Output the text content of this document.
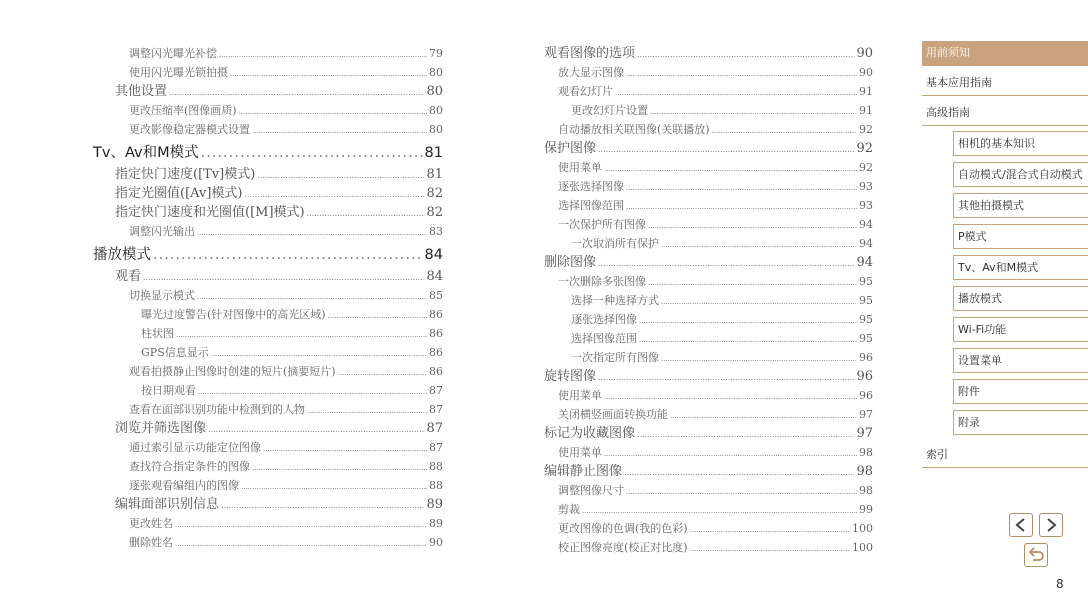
调整闪光曝光补偿 .....	79
使用闪光曝光锁拍摄 .....	80
其他设置 .....	80
更改压缩率(图像画质) .....	80
更改影像稳定器模式设置 .....	80
Tv、Av和M模式 .....	81
指定快门速度([Tv]模式) .....	81
指定光圈值([Av]模式) .....	82
指定快门速度和光圈值([M]模式) .....	82
调整闪光输出 .....	83
播放模式 .....	84
观看 .....	84
切换显示模式 .....	85
曝光过度警告(针对图像中的高光区域) .....	86
柱状图 .....	86
GPS信息显示 .....	86
观看拍摄静止图像时创建的短片(摘要短片) .....	86
按日期观看 .....	87
查看在面部识别功能中检测到的人物 .....	87
浏览并筛选图像 .....	87
通过索引显示功能定位图像 .....	87
查找符合指定条件的图像 .....	88
逐张观看编组内的图像 .....	88
编辑面部识别信息 .....	89
更改姓名 .....	89
删除姓名 .....	90
观看图像的选项 .....	90
放大显示图像 .....	90
观看幻灯片 .....	91
更改幻灯片设置 .....	91
自动播放相关联图像(关联播放) .....	92
保护图像 .....	92
使用菜单 .....	92
逐张选择图像 .....	93
选择图像范围 .....	93
一次保护所有图像 .....	94
一次取消所有保护 .....	94
删除图像 .....	94
一次删除多张图像 .....	95
选择一种选择方式 .....	95
逐张选择图像 .....	95
选择图像范围 .....	95
一次指定所有图像 .....	96
旋转图像 .....	96
使用菜单 .....	96
关闭横竖画面转换功能 .....	97
标记为收藏图像 .....	97
使用菜单 .....	98
编辑静止图像 .....	98
调整图像尺寸 .....	98
剪裁 .....	99
更改图像的色调(我的色彩) .....	100
校正图像亮度(校正对比度) .....	100
用前须知
基本应用指南
高级指南
相机的基本知识
自动模式/混合式自动模式
其他拍摄模式
P模式
Tv、Av和M模式
播放模式
Wi-Fi功能
设置菜单
附件
附录
索引
8
